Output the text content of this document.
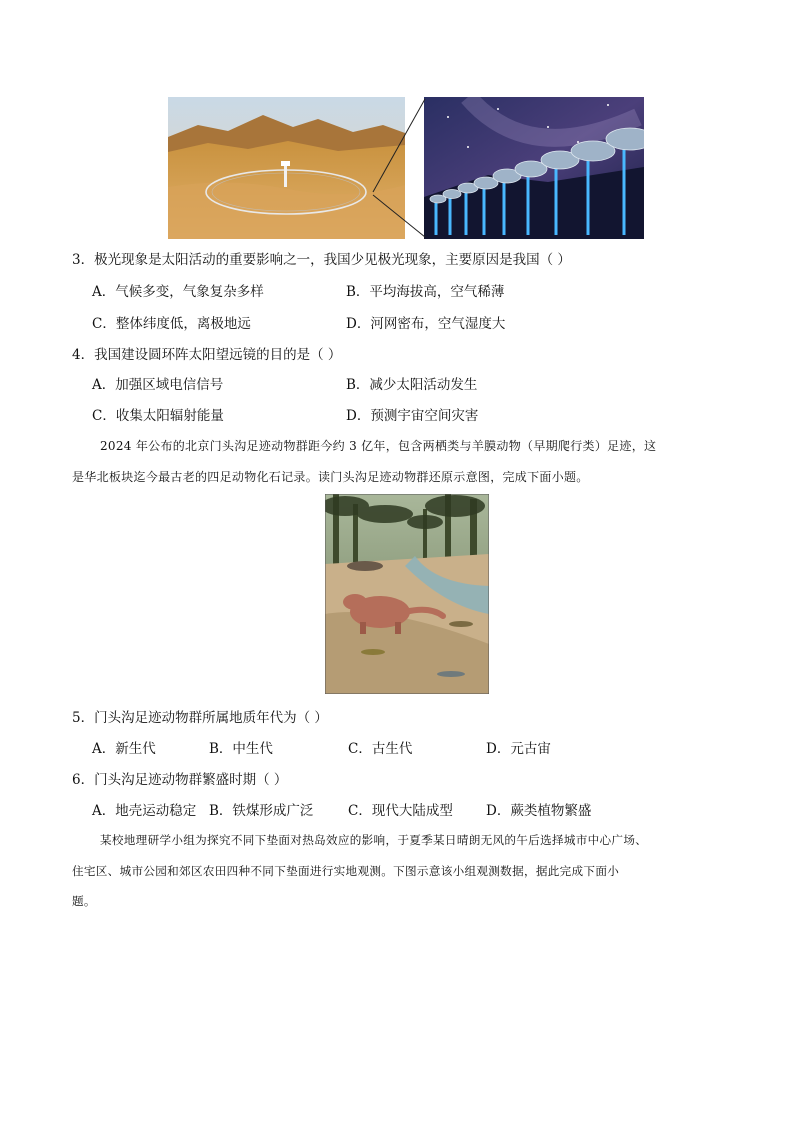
3．极光现象是太阳活动的重要影响之一，我国少见极光现象，主要原因是我国（ ）
A．气候多变，气象复杂多样	B．平均海拔高，空气稀薄
C．整体纬度低，离极地远	D．河网密布，空气湿度大
4．我国建设圆环阵太阳望远镜的目的是（ ）
A．加强区域电信信号	B．减少太阳活动发生
C．收集太阳辐射能量	D．预测宇宙空间灾害
2024 年公布的北京门头沟足迹动物群距今约 3 亿年，包含两栖类与羊膜动物（早期爬行类）足迹，这
是华北板块迄今最古老的四足动物化石记录。读门头沟足迹动物群还原示意图，完成下面小题。
5．门头沟足迹动物群所属地质年代为（ ）
A．新生代	B．中生代	C．古生代	D．元古宙
6．门头沟足迹动物群繁盛时期（ ）
A．地壳运动稳定 B．铁煤形成广泛	C．现代大陆成型 D．蕨类植物繁盛
某校地理研学小组为探究不同下垫面对热岛效应的影响，于夏季某日晴朗无风的午后选择城市中心广场、
住宅区、城市公园和郊区农田四种不同下垫面进行实地观测。下图示意该小组观测数据，据此完成下面小
题。
